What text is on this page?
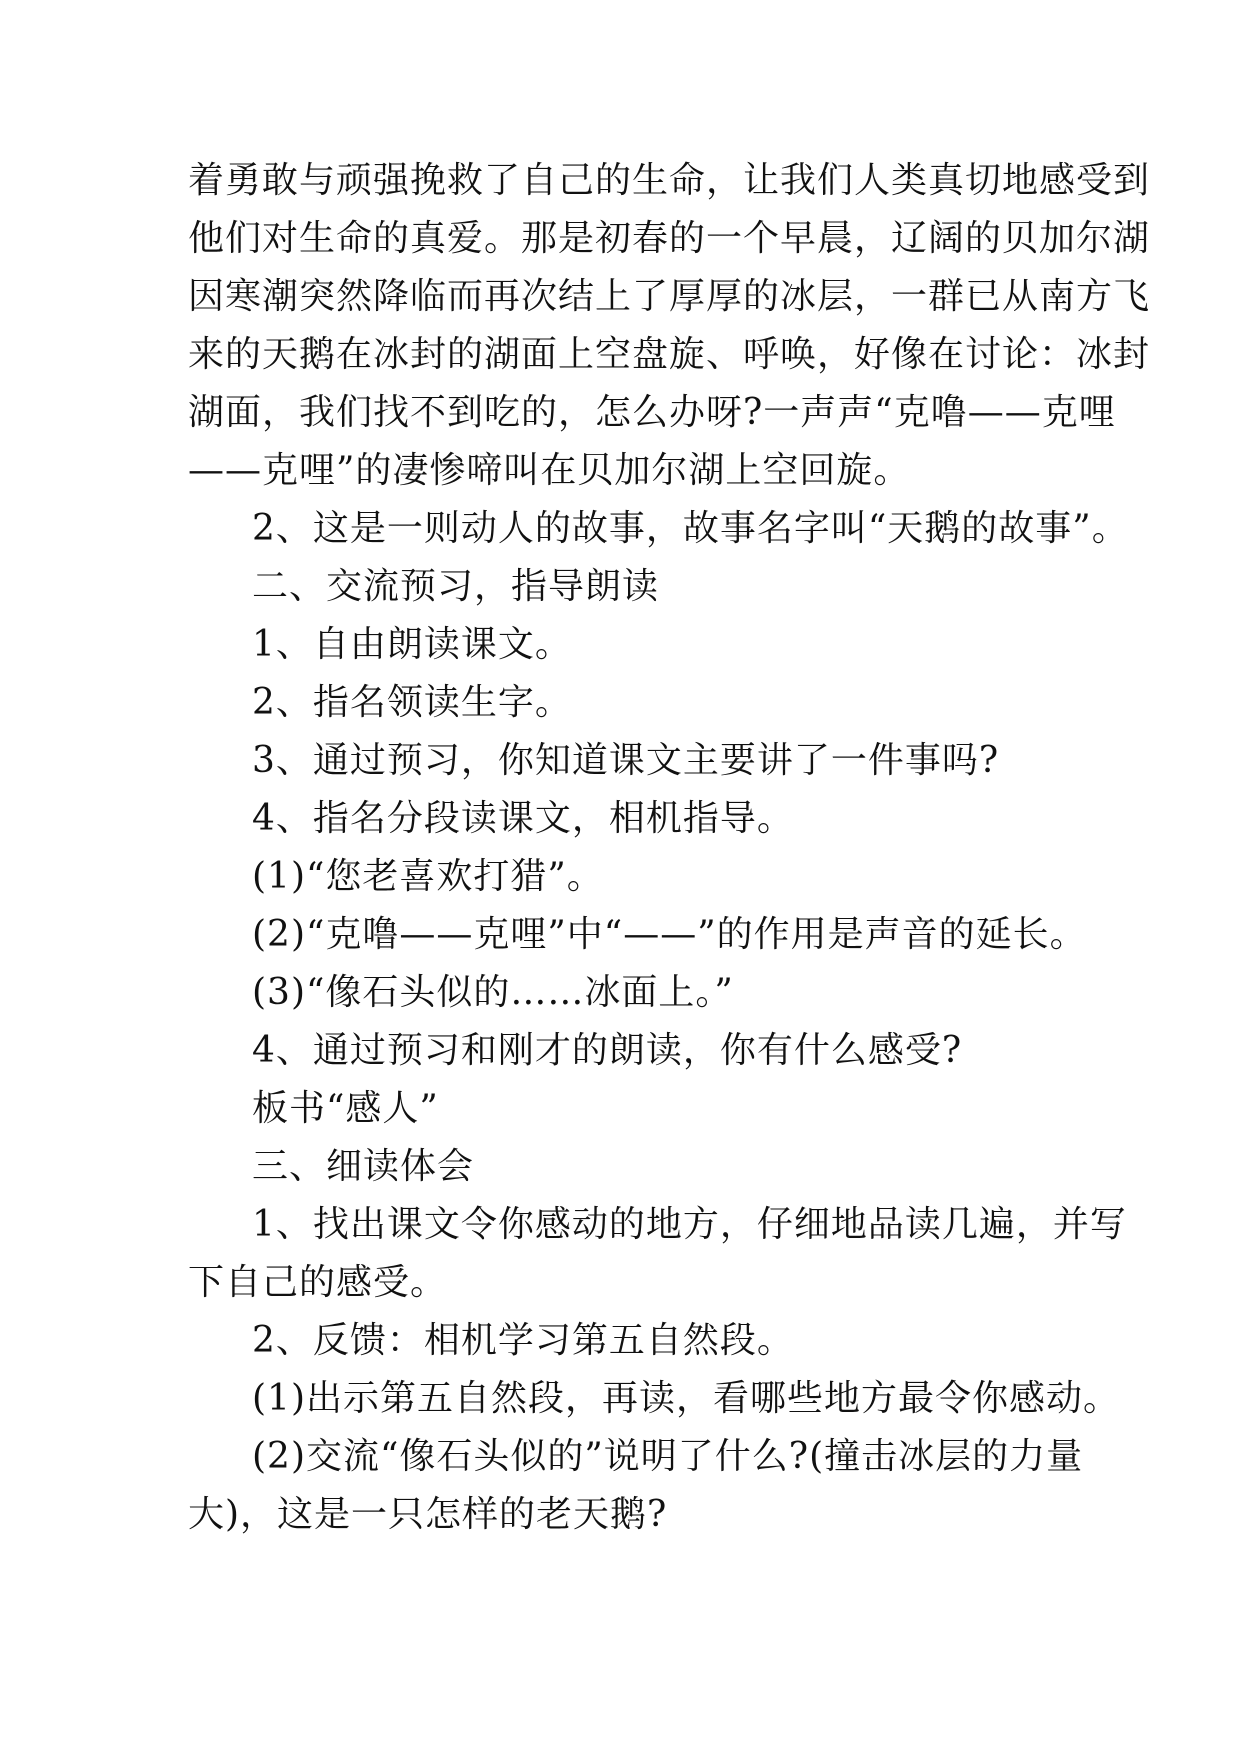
着勇敢与顽强挽救了自己的生命，让我们人类真切地感受到
他们对生命的真爱。那是初春的一个早晨，辽阔的贝加尔湖
因寒潮突然降临而再次结上了厚厚的冰层，一群已从南方飞
来的天鹅在冰封的湖面上空盘旋、呼唤，好像在讨论：冰封
湖面，我们找不到吃的，怎么办呀?一声声“克噜——克哩
——克哩”的凄惨啼叫在贝加尔湖上空回旋。
2、这是一则动人的故事，故事名字叫“天鹅的故事”。
二、交流预习，指导朗读
1、自由朗读课文。
2、指名领读生字。
3、通过预习，你知道课文主要讲了一件事吗?
4、指名分段读课文，相机指导。
(1)“您老喜欢打猎”。
(2)“克噜——克哩”中“——”的作用是声音的延长。
(3)“像石头似的……冰面上。”
4、通过预习和刚才的朗读，你有什么感受?
板书“感人”
三、细读体会
1、找出课文令你感动的地方，仔细地品读几遍，并写
下自己的感受。
2、反馈：相机学习第五自然段。
(1)出示第五自然段，再读，看哪些地方最令你感动。
(2)交流“像石头似的”说明了什么?(撞击冰层的力量
大)，这是一只怎样的老天鹅?
